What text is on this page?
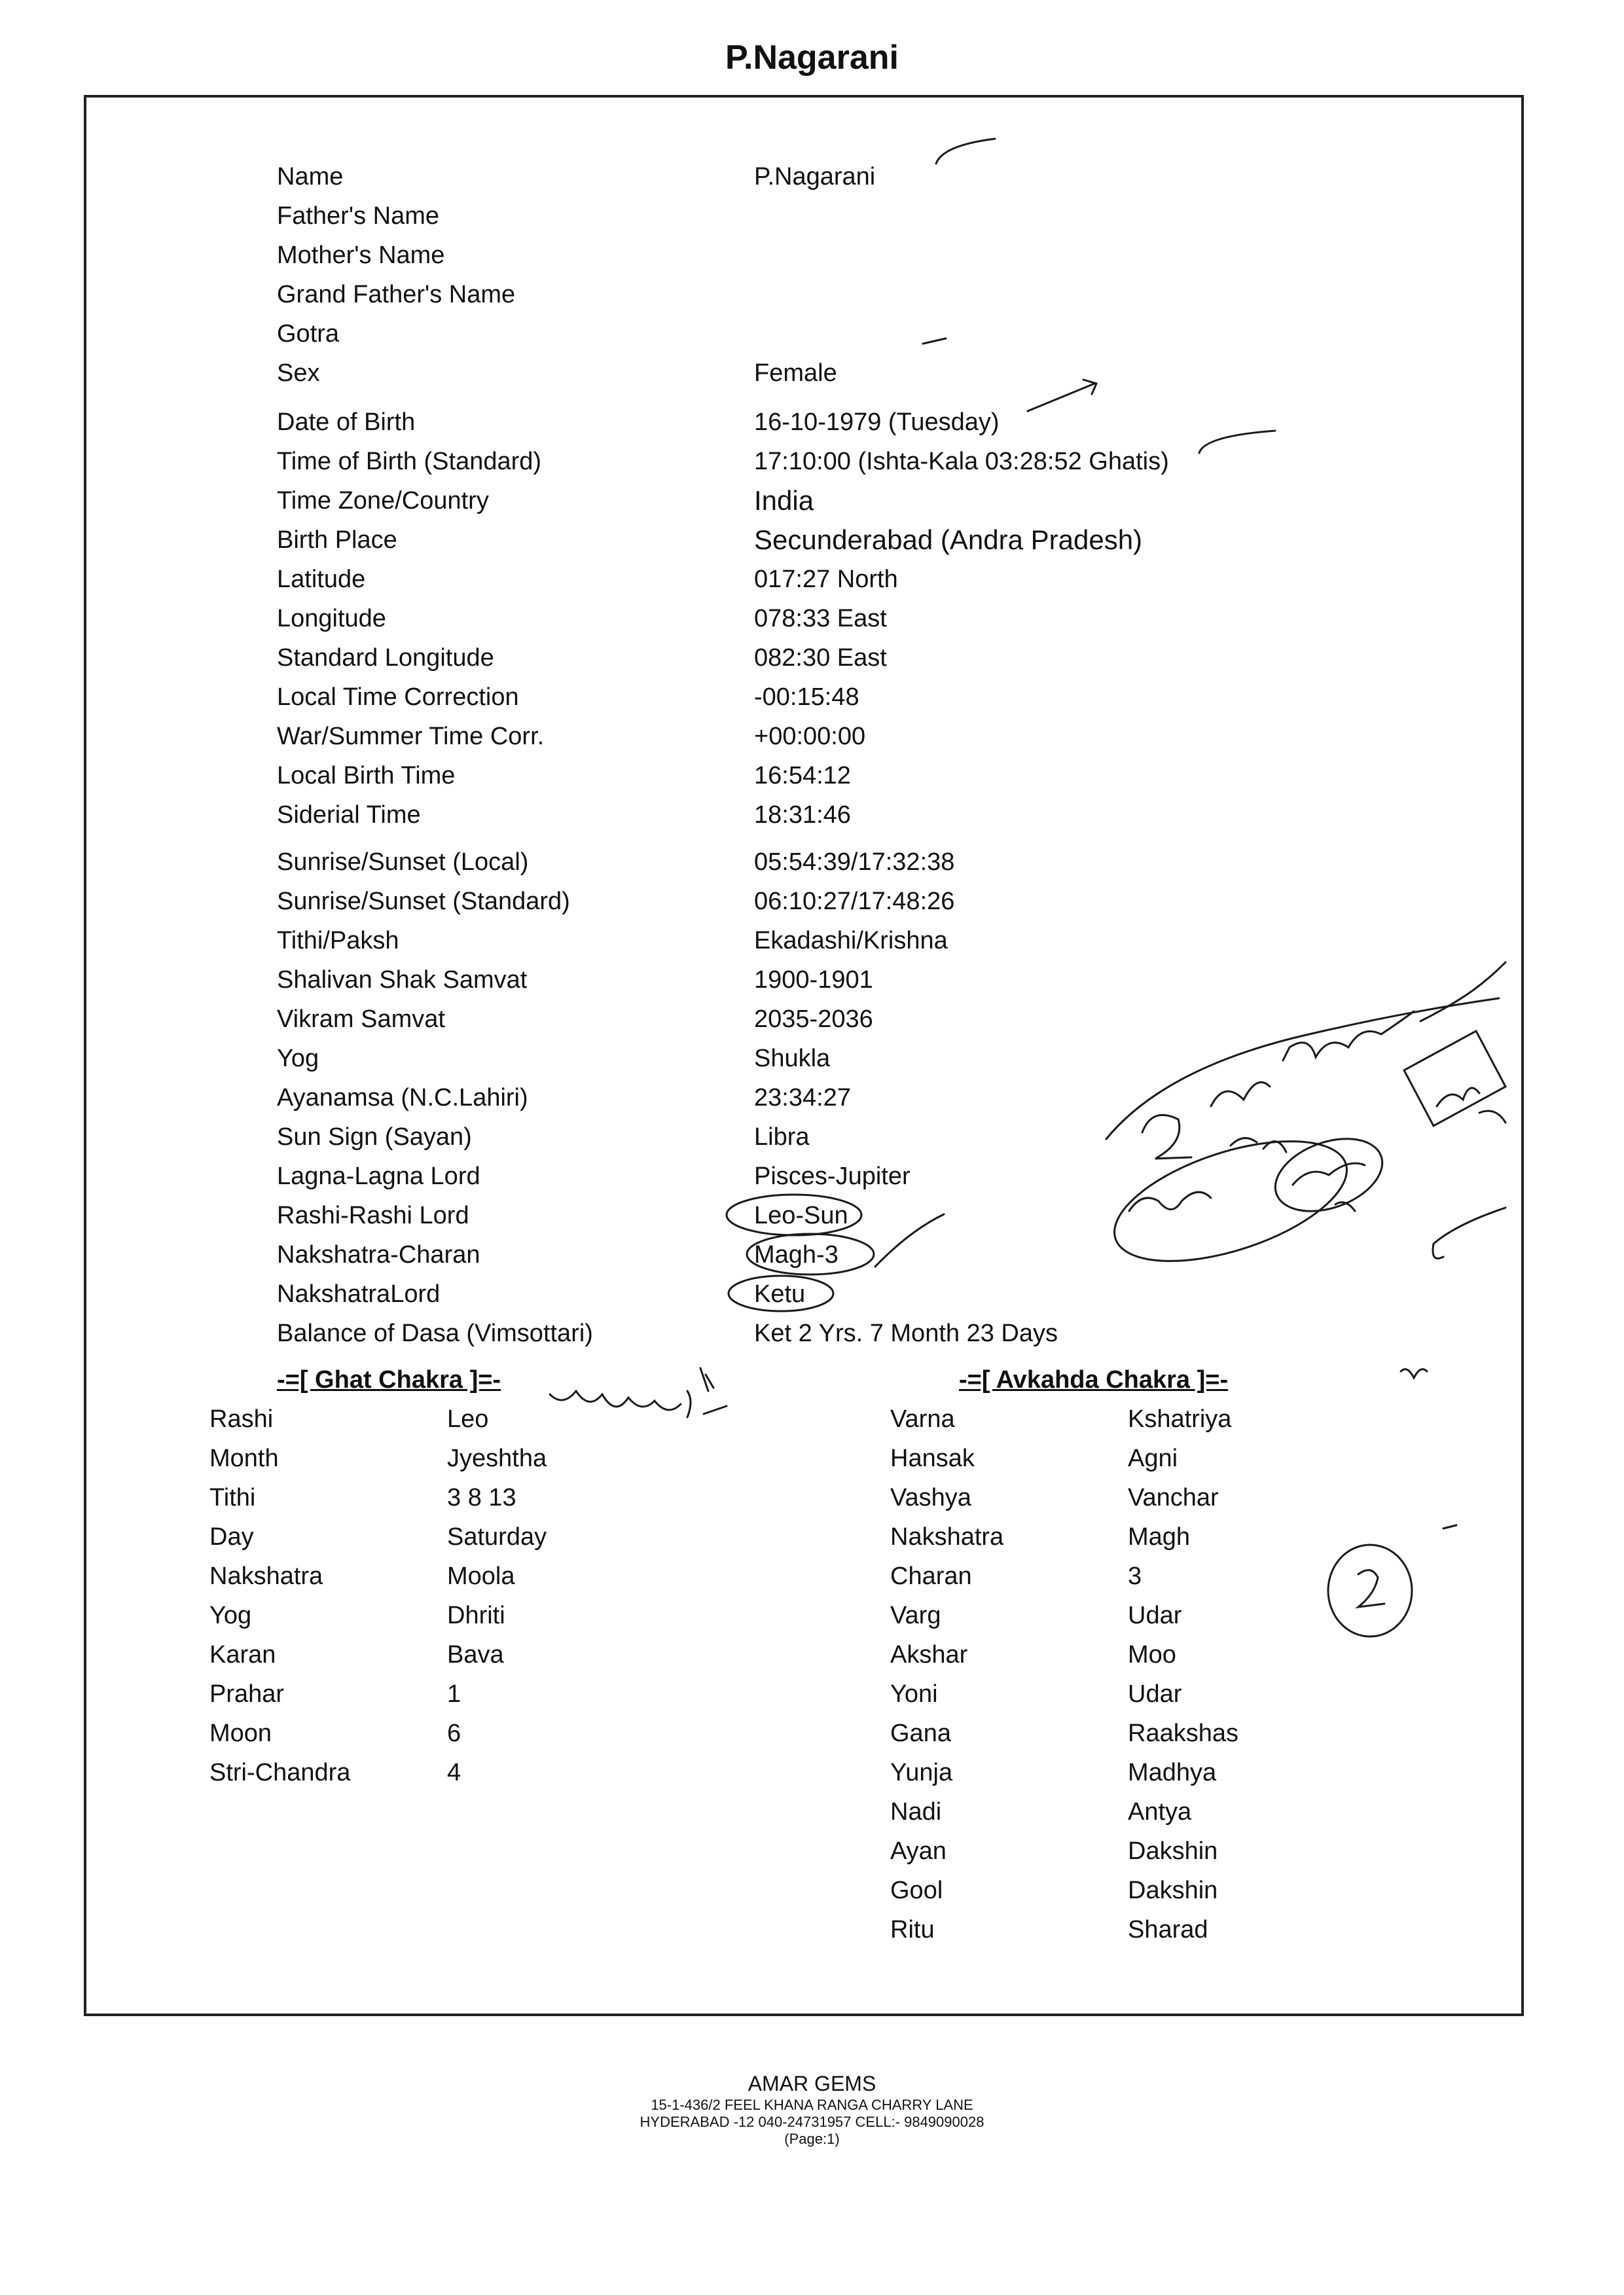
P.Nagarani
Name	P.Nagarani
Father's Name
Mother's Name
Grand Father's Name
Gotra
Sex	Female
Date of Birth	16-10-1979 (Tuesday)
Time of Birth (Standard)	17:10:00 (Ishta-Kala 03:28:52 Ghatis)
Time Zone/Country	India
Birth Place	Secunderabad (Andra Pradesh)
Latitude	017:27 North
Longitude	078:33 East
Standard Longitude	082:30 East
Local Time Correction	-00:15:48
War/Summer Time Corr.	+00:00:00
Local Birth Time	16:54:12
Siderial Time	18:31:46
Sunrise/Sunset (Local)	05:54:39/17:32:38
Sunrise/Sunset (Standard)	06:10:27/17:48:26
Tithi/Paksh	Ekadashi/Krishna
Shalivan Shak Samvat	1900-1901
Vikram Samvat	2035-2036
Yog	Shukla
Ayanamsa (N.C.Lahiri)	23:34:27
Sun Sign (Sayan)	Libra
Lagna-Lagna Lord	Pisces-Jupiter
Rashi-Rashi Lord	Leo-Sun
Nakshatra-Charan	Magh-3
NakshatraLord	Ketu
Balance of Dasa (Vimsottari)	Ket 2 Yrs. 7 Month 23 Days
-=[ Ghat Chakra ]=-
Rashi	Leo
Month	Jyeshtha
Tithi	3 8 13
Day	Saturday
Nakshatra	Moola
Yog	Dhriti
Karan	Bava
Prahar	1
Moon	6
Stri-Chandra	4
-=[ Avkahda Chakra ]=-
Varna	Kshatriya
Hansak	Agni
Vashya	Vanchar
Nakshatra	Magh
Charan	3
Varg	Udar
Akshar	Moo
Yoni	Udar
Gana	Raakshas
Yunja	Madhya
Nadi	Antya
Ayan	Dakshin
Gool	Dakshin
Ritu	Sharad
AMAR GEMS
15-1-436/2 FEEL KHANA RANGA CHARRY LANE
HYDERABAD -12 040-24731957 CELL:- 9849090028
(Page:1)
